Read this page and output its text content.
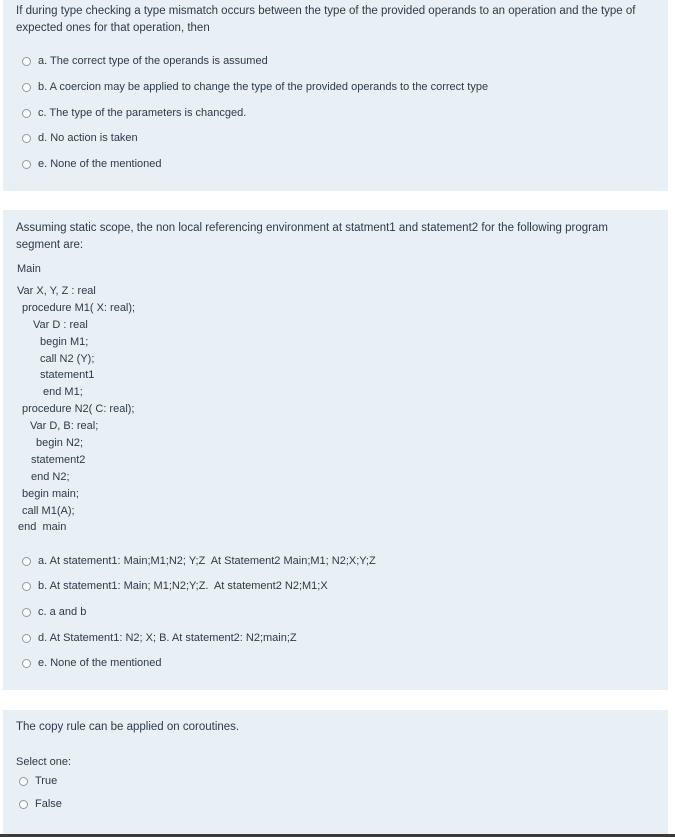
If during type checking a type mismatch occurs between the type of the provided operands to an operation and the type of expected ones for that operation, then
a. The correct type of the operands is assumed
b. A coercion may be applied to change the type of the provided operands to the correct type
c. The type of the parameters is chancged.
d. No action is taken
e. None of the mentioned
Assuming static scope, the non local referencing environment at statment1 and statement2 for the following program segment are:
Main
Var X, Y, Z : real
procedure M1( X: real);
Var D : real
begin M1;
call N2 (Y);
statement1
end M1;
procedure N2( C: real);
Var D, B: real;
begin N2;
statement2
end N2;
begin main;
call M1(A);
end  main
a. At statement1: Main;M1;N2; Y;Z  At Statement2 Main;M1; N2;X;Y;Z
b. At statement1: Main; M1;N2;Y;Z.  At statement2 N2;M1;X
c. a and b
d. At Statement1: N2; X; B. At statement2: N2;main;Z
e. None of the mentioned
The copy rule can be applied on coroutines.
Select one:
True
False
